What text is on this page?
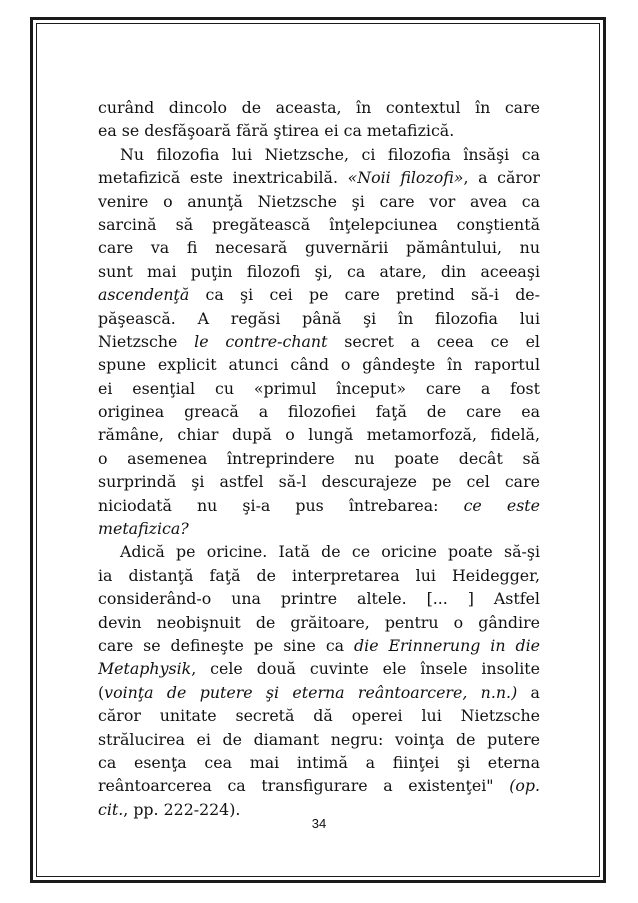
curând dincolo de aceasta, în contextul în care
ea se desfăşoară fără ştirea ei ca metafizică.
Nu filozofia lui Nietzsche, ci filozofia însăşi ca
metafizică este inextricabilă. «Noii filozofi», a căror
venire o anunţă Nietzsche şi care vor avea ca
sarcină să pregătească înţelepciunea conştientă
care va fi necesară guvernării pământului, nu
sunt mai puţin filozofi şi, ca atare, din aceeaşi
ascendenţă ca şi cei pe care pretind să-i de-
păşească. A regăsi până şi în filozofia lui
Nietzsche le contre-chant secret a ceea ce el
spune explicit atunci când o gândeşte în raportul
ei esenţial cu «primul început» care a fost
originea greacă a filozofiei faţă de care ea
rămâne, chiar după o lungă metamorfoză, fidelă,
o asemenea întreprindere nu poate decât să
surprindă şi astfel să-l descurajeze pe cel care
niciodată nu şi-a pus întrebarea: ce este
metafizica?
Adică pe oricine. Iată de ce oricine poate să-şi
ia distanţă faţă de interpretarea lui Heidegger,
considerând-o una printre altele. [... ] Astfel
devin neobişnuit de grăitoare, pentru o gândire
care se defineşte pe sine ca die Erinnerung in die
Metaphysik, cele două cuvinte ele însele insolite
(voinţa de putere şi eterna reântoarcere, n.n.) a
căror unitate secretă dă operei lui Nietzsche
strălucirea ei de diamant negru: voinţa de putere
ca esenţa cea mai intimă a fiinţei şi eterna
reântoarcerea ca transfigurare a existenţei" (op.
cit., pp. 222-224).
34
